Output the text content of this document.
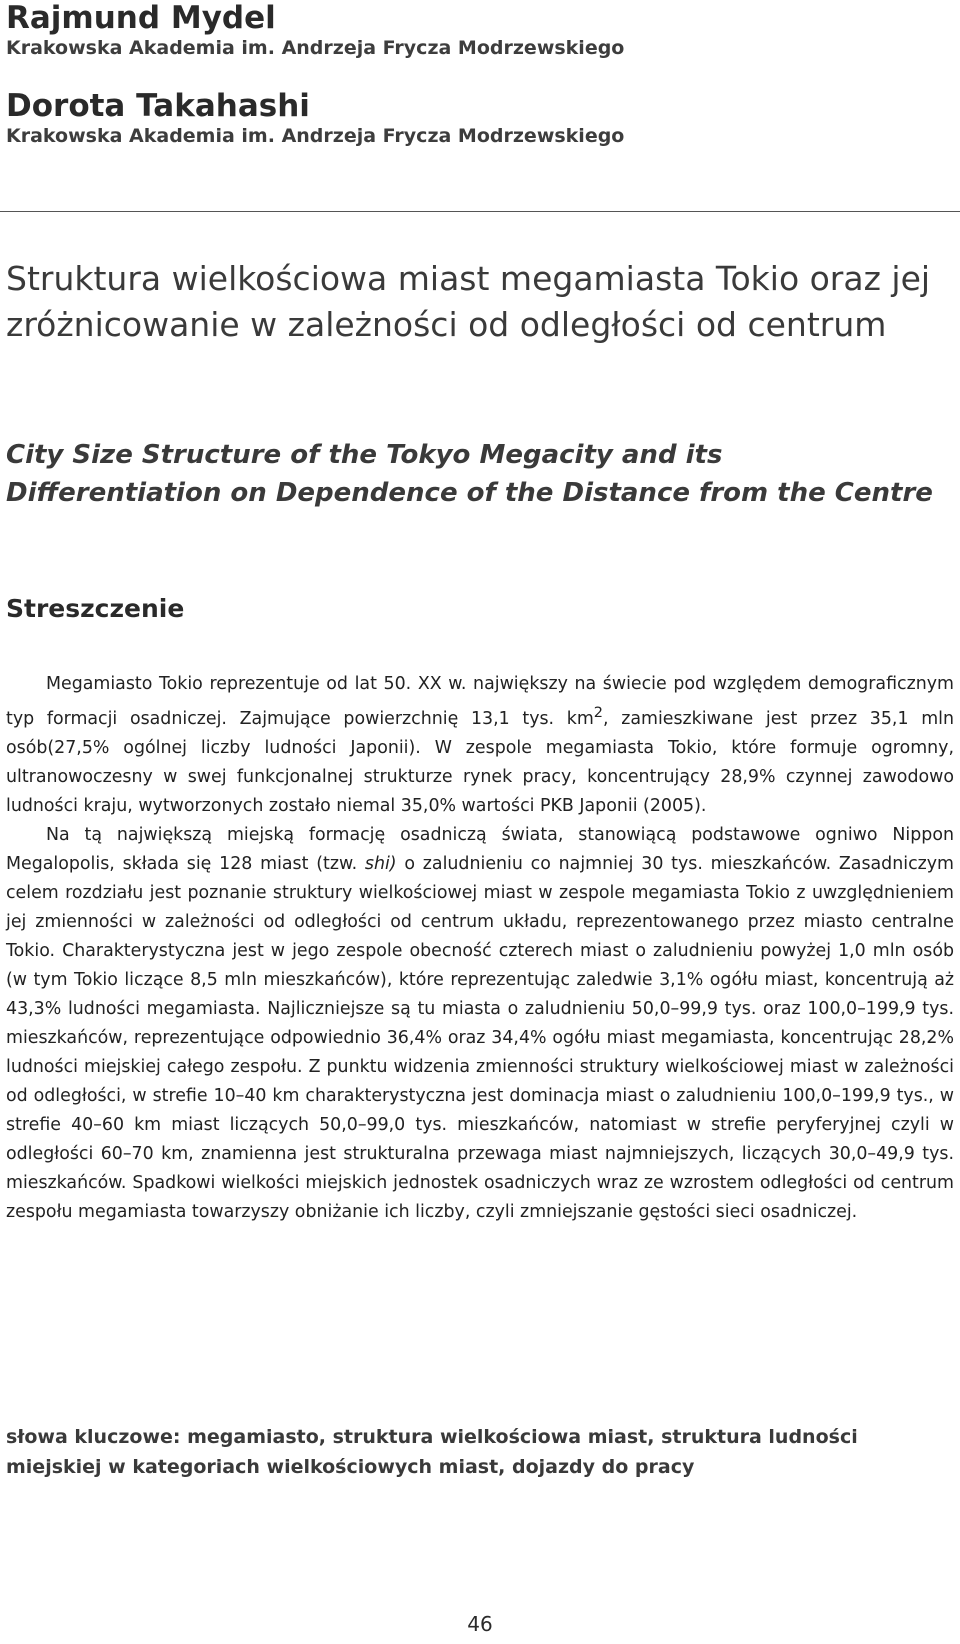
Rajmund Mydel
Krakowska Akademia im. Andrzeja Frycza Modrzewskiego
Dorota Takahashi
Krakowska Akademia im. Andrzeja Frycza Modrzewskiego
Struktura wielkościowa miast megamiasta Tokio oraz jej zróżnicowanie w zależności od odległości od centrum
City Size Structure of the Tokyo Megacity and its Differentiation on Dependence of the Distance from the Centre
Streszczenie

Megamiasto Tokio reprezentuje od lat 50. XX w. największy na świecie pod względem demograficznym typ formacji osadniczej. Zajmujące powierzchnię 13,1 tys. $km^2$, zamieszkiwane jest przez 35,1 mln osób(27,5% ogólnej liczby ludności Japonii). W zespole megamiasta Tokio, które formuje ogromny, ultranowoczesny w swej funkcjonalnej strukturze rynek pracy, koncentrujący 28,9% czynnej zawodowo ludności kraju, wytworzonych zostało niemal 35,0% wartości PKB Japonii (2005).

Na tą największą miejską formację osadniczą świata, stanowiącą podstawowe ogniwo Nippon Megalopolis, składa się 128 miast (tzw. shi) o zaludnieniu co najmniej 30 tys. mieszkańców. Zasadniczym celem rozdziału jest poznanie struktury wielkościowej miast w zespole megamiasta Tokio z uwzględnieniem jej zmienności w zależności od odległości od centrum układu, reprezentowanego przez miasto centralne Tokio. Charakterystyczna jest w jego zespole obecność czterech miast o zaludnieniu powyżej 1,0 mln osób (w tym Tokio liczące 8,5 mln mieszkańców), które reprezentując zaledwie 3,1% ogółu miast, koncentrują aż 43,3% ludności megamiasta. Najliczniejsze są tu miasta o zaludnieniu 50,0–99,9 tys. oraz 100,0–199,9 tys. mieszkańców, reprezentujące odpowiednio 36,4% oraz 34,4% ogółu miast megamiasta, koncentrując 28,2% ludności miejskiej całego zespołu. Z punktu widzenia zmienności struktury wielkościowej miast w zależności od odległości, w strefie 10–40 km charakterystyczna jest dominacja miast o zaludnieniu 100,0–199,9 tys., w strefie 40–60 km miast liczących 50,0–99,0 tys. mieszkańców, natomiast w strefie peryferyjnej czyli w odległości 60–70 km, znamienna jest strukturalna przewaga miast najmniejszych, liczących 30,0–49,9 tys. mieszkańców. Spadkowi wielkości miejskich jednostek osadniczych wraz ze wzrostem odległości od centrum zespołu megamiasta towarzyszy obniżanie ich liczby, czyli zmniejszanie gęstości sieci osadniczej.

słowa kluczowe: megamiasto, struktura wielkościowa miast, struktura ludności miejskiej w kategoriach wielkościowych miast, dojazdy do pracy
46
